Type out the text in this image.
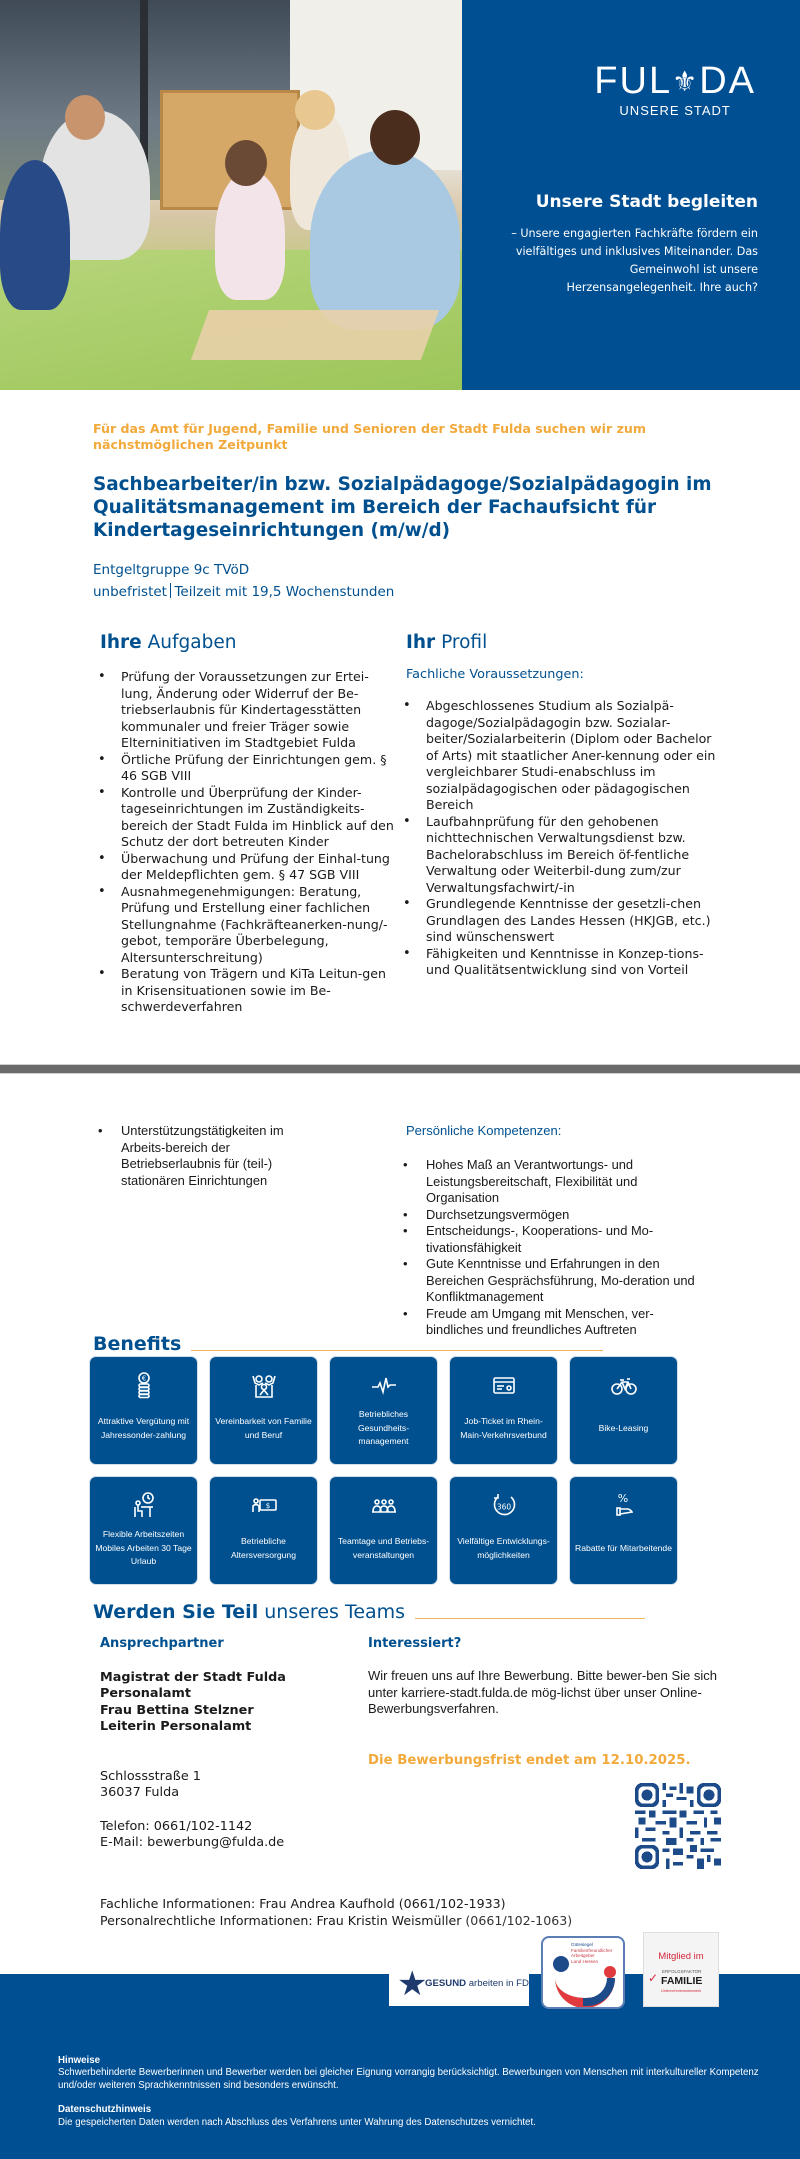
FUL⚜DA
UNSERE STADT
Unsere Stadt begleiten
– Unsere engagierten Fachkräfte fördern ein vielfältiges und inklusives Miteinander. Das Gemeinwohl ist unsere Herzensangelegenheit. Ihre auch?
Für das Amt für Jugend, Familie und Senioren der Stadt Fulda suchen wir zum nächstmöglichen Zeitpunkt
Sachbearbeiter/in bzw. Sozialpädagoge/Sozialpädagogin im Qualitätsmanagement im Bereich der Fachaufsicht für Kindertageseinrichtungen (m/w/d)
Entgeltgruppe 9c TVöD
unbefristet Teilzeit mit 19,5 Wochenstunden
Ihre Aufgaben
• Prüfung der Voraussetzungen zur Ertei-lung, Änderung oder Widerruf der Be-triebserlaubnis für Kindertagesstätten kommunaler und freier Träger sowie Elterninitiativen im Stadtgebiet Fulda
• Örtliche Prüfung der Einrichtungen gem. § 46 SGB VIII
• Kontrolle und Überprüfung der Kinder-tageseinrichtungen im Zuständigkeits-bereich der Stadt Fulda im Hinblick auf den Schutz der dort betreuten Kinder
• Überwachung und Prüfung der Einhal-tung der Meldepflichten gem. § 47 SGB VIII
• Ausnahmegenehmigungen: Beratung, Prüfung und Erstellung einer fachlichen Stellungnahme (Fachkräfteanerken-nung/-gebot, temporäre Überbelegung, Altersunterschreitung)
• Beratung von Trägern und KiTa Leitun-gen in Krisensituationen sowie im Be-schwerdeverfahren
Ihr Profil
Fachliche Voraussetzungen:
• Abgeschlossenes Studium als Sozialpä-dagoge/Sozialpädagogin bzw. Sozialar-beiter/Sozialarbeiterin (Diplom oder Bachelor of Arts) mit staatlicher Aner-kennung oder ein vergleichbarer Studi-enabschluss im sozialpädagogischen oder pädagogischen Bereich
• Laufbahnprüfung für den gehobenen nichttechnischen Verwaltungsdienst bzw. Bachelorabschluss im Bereich öf-fentliche Verwaltung oder Weiterbil-dung zum/zur Verwaltungsfachwirt/-in
• Grundlegende Kenntnisse der gesetzli-chen Grundlagen des Landes Hessen (HKJGB, etc.) sind wünschenswert
• Fähigkeiten und Kenntnisse in Konzep-tions- und Qualitätsentwicklung sind von Vorteil
• Unterstützungstätigkeiten im Arbeits-bereich der Betriebserlaubnis für (teil-) stationären Einrichtungen
Persönliche Kompetenzen:
• Hohes Maß an Verantwortungs- und Leistungsbereitschaft, Flexibilität und Organisation
• Durchsetzungsvermögen
• Entscheidungs-, Kooperations- und Mo-tivationsfähigkeit
• Gute Kenntnisse und Erfahrungen in den Bereichen Gesprächsführung, Mo-deration und Konfliktmanagement
• Freude am Umgang mit Menschen, ver-bindliches und freundliches Auftreten
Benefits
€
Attraktive Vergütung mit Jahressonder-zahlung
Vereinbarkeit von Familie und Beruf
Betriebliches Gesundheits-management
Job-Ticket im Rhein-Main-Verkehrsverbund
Bike-Leasing
Flexible Arbeitszeiten Mobiles Arbeiten 30 Tage Urlaub
$
Betriebliche Altersversorgung
Teamtage und Betriebs-veranstaltungen
360
Vielfältige Entwicklungs-möglichkeiten
%
Rabatte für Mitarbeitende
Werden Sie Teil unseres Teams
Ansprechpartner
Magistrat der Stadt Fulda
Personalamt
Frau Bettina Stelzner
Leiterin Personalamt
Schlossstraße 1
36037 Fulda
Telefon: 0661/102-1142
E-Mail: bewerbung@fulda.de
Interessiert?
Wir freuen uns auf Ihre Bewerbung. Bitte bewer-ben Sie sich unter karriere-stadt.fulda.de mög-lichst über unser Online-Bewerbungsverfahren.
Die Bewerbungsfrist endet am 12.10.2025.
Fachliche Informationen: Frau Andrea Kaufhold (0661/102-1933)
Personalrechtliche Informationen: Frau Kristin Weismüller (0661/102-1063)
★
GESUND arbeiten in FD
Gütesiegel
Familienfreundlicher
Arbeitgeber
Land Hessen	Mitglied im
✓ ERFOLGSFAKTOR
FAMILIE
Unternehmensnetzwerk
Hinweise
Schwerbehinderte Bewerberinnen und Bewerber werden bei gleicher Eignung vorrangig berücksichtigt. Bewerbungen von Menschen mit interkultureller Kompetenz und/oder weiteren Sprachkenntnissen sind besonders erwünscht.
Datenschutzhinweis
Die gespeicherten Daten werden nach Abschluss des Verfahrens unter Wahrung des Datenschutzes vernichtet.
